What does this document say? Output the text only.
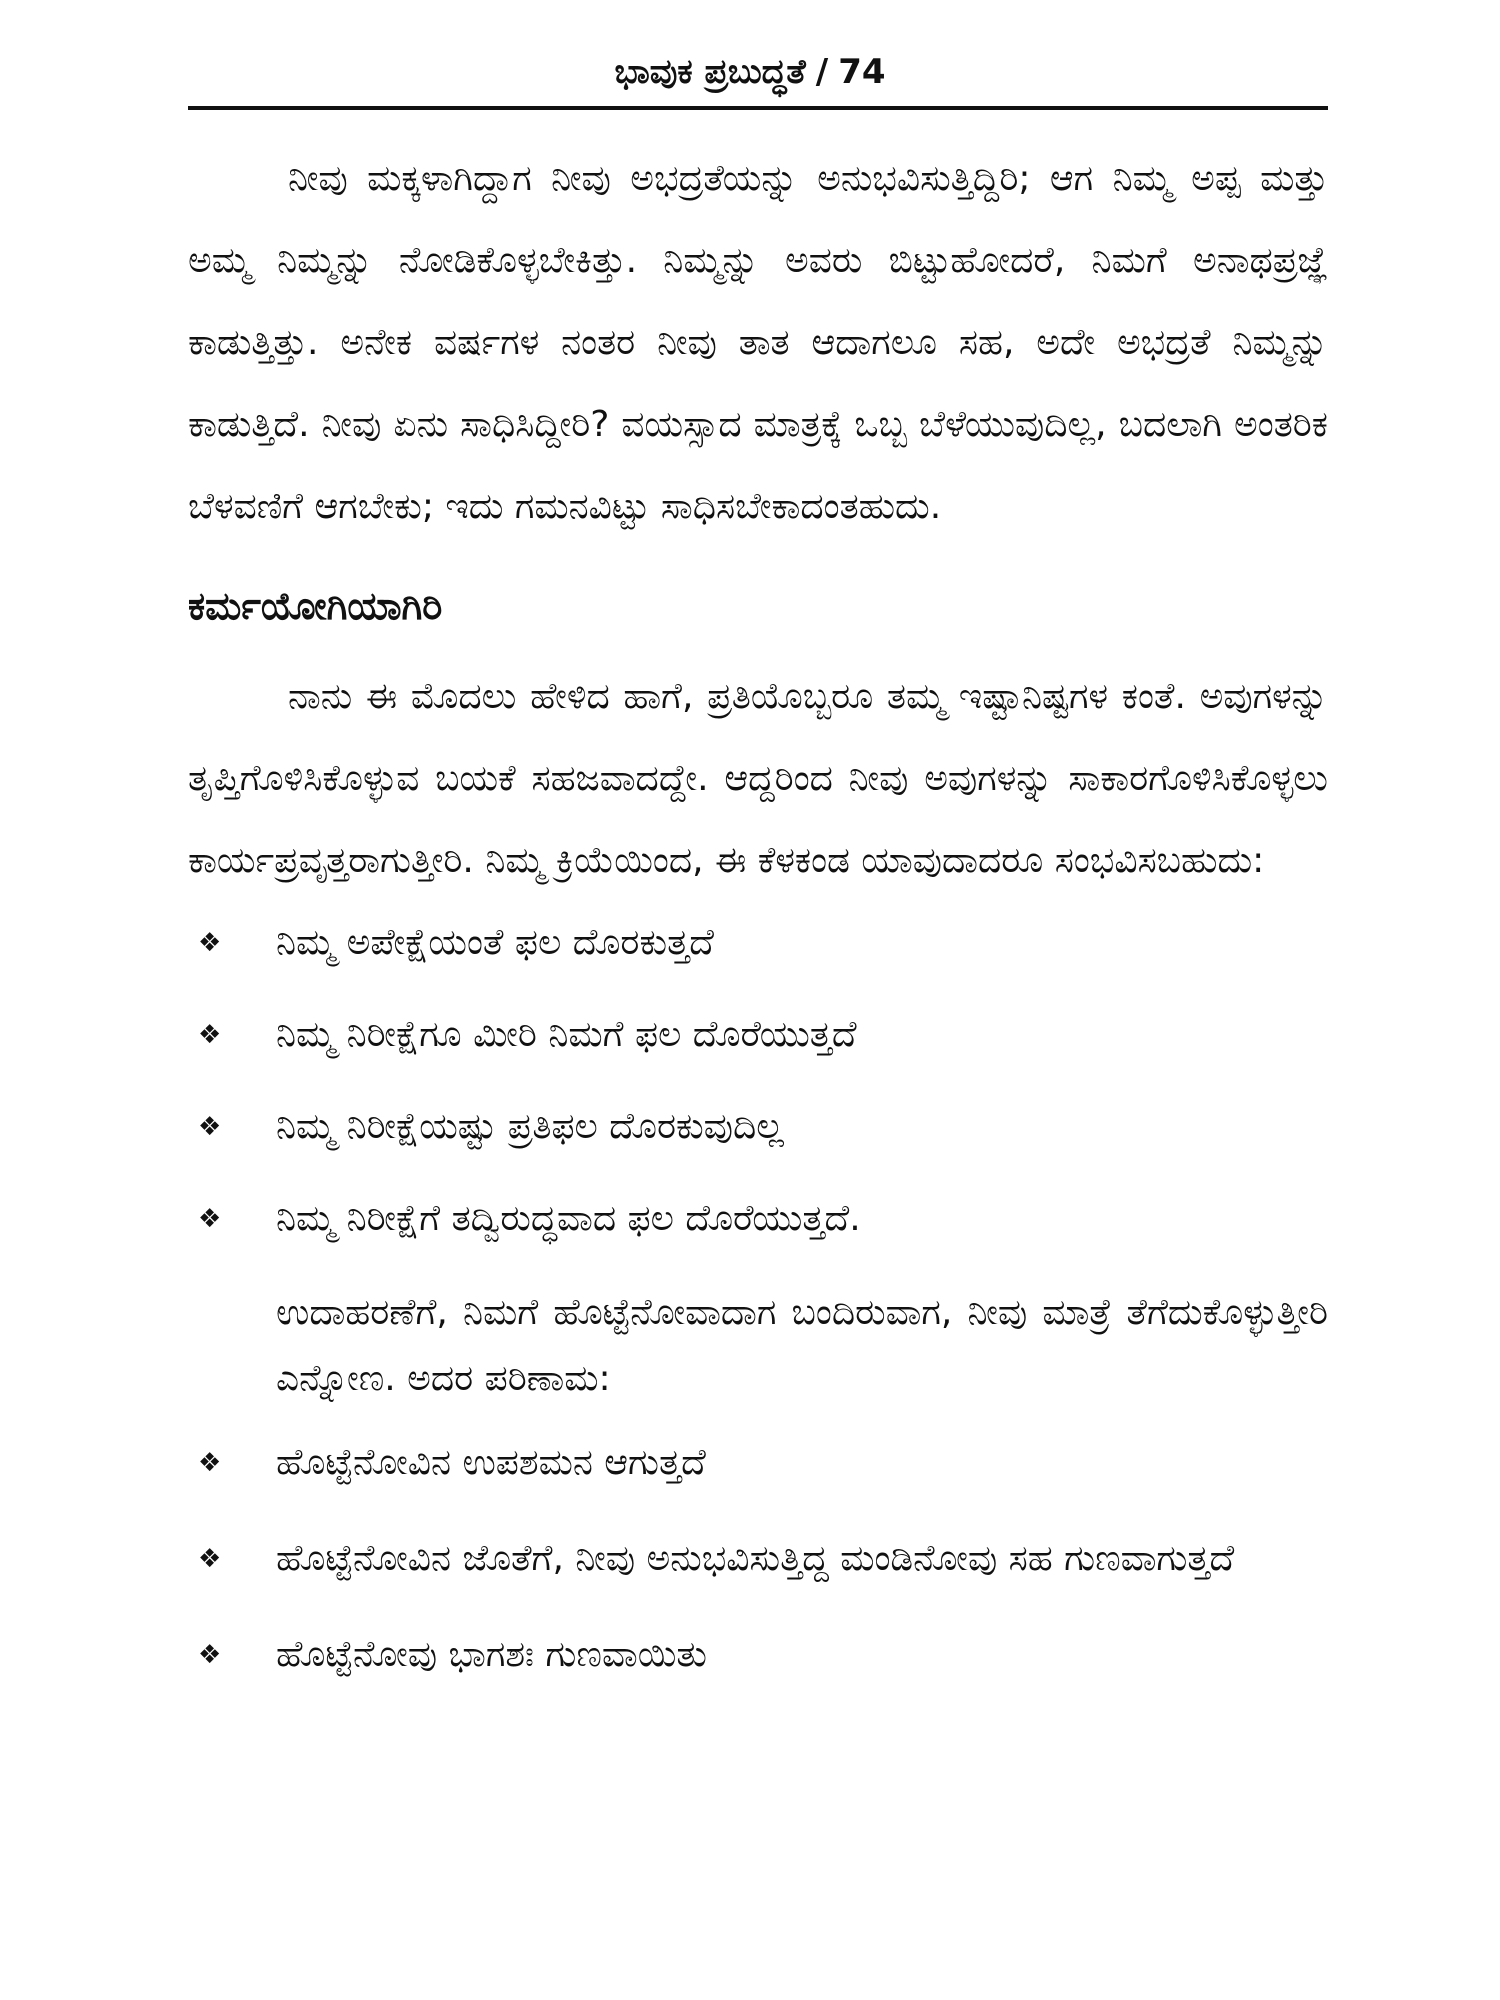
ಭಾವುಕ ಪ್ರಬುದ್ಧತೆ / 74

ನೀವು ಮಕ್ಕಳಾಗಿದ್ದಾಗ ನೀವು ಅಭದ್ರತೆಯನ್ನು ಅನುಭವಿಸುತ್ತಿದ್ದಿರಿ; ಆಗ ನಿಮ್ಮ ಅಪ್ಪ ಮತ್ತು ಅಮ್ಮ ನಿಮ್ಮನ್ನು ನೋಡಿಕೊಳ್ಳಬೇಕಿತ್ತು. ನಿಮ್ಮನ್ನು ಅವರು ಬಿಟ್ಟುಹೋದರೆ, ನಿಮಗೆ ಅನಾಥಪ್ರಜ್ಞೆ ಕಾಡುತ್ತಿತ್ತು. ಅನೇಕ ವರ್ಷಗಳ ನಂತರ ನೀವು ತಾತ ಆದಾಗಲೂ ಸಹ, ಅದೇ ಅಭದ್ರತೆ ನಿಮ್ಮನ್ನು ಕಾಡುತ್ತಿದೆ. ನೀವು ಏನು ಸಾಧಿಸಿದ್ದೀರಿ? ವಯಸ್ಸಾದ ಮಾತ್ರಕ್ಕೆ ಒಬ್ಬ ಬೆಳೆಯುವುದಿಲ್ಲ, ಬದಲಾಗಿ ಅಂತರಿಕ ಬೆಳವಣಿಗೆ ಆಗಬೇಕು; ಇದು ಗಮನವಿಟ್ಟು ಸಾಧಿಸಬೇಕಾದಂತಹುದು.

ಕರ್ಮಯೋಗಿಯಾಗಿರಿ

ನಾನು ಈ ಮೊದಲು ಹೇಳಿದ ಹಾಗೆ, ಪ್ರತಿಯೊಬ್ಬರೂ ತಮ್ಮ ಇಷ್ಟಾನಿಷ್ಟಗಳ ಕಂತೆ. ಅವುಗಳನ್ನು ತೃಪ್ತಿಗೊಳಿಸಿಕೊಳ್ಳುವ ಬಯಕೆ ಸಹಜವಾದದ್ದೇ. ಆದ್ದರಿಂದ ನೀವು ಅವುಗಳನ್ನು ಸಾಕಾರಗೊಳಿಸಿಕೊಳ್ಳಲು ಕಾರ್ಯಪ್ರವೃತ್ತರಾಗುತ್ತೀರಿ. ನಿಮ್ಮ ಕ್ರಿಯೆಯಿಂದ, ಈ ಕೆಳಕಂಡ ಯಾವುದಾದರೂ ಸಂಭವಿಸಬಹುದು:

❖ ನಿಮ್ಮ ಅಪೇಕ್ಷೆಯಂತೆ ಫಲ ದೊರಕುತ್ತದೆ
❖ ನಿಮ್ಮ ನಿರೀಕ್ಷೆಗೂ ಮೀರಿ ನಿಮಗೆ ಫಲ ದೊರೆಯುತ್ತದೆ
❖ ನಿಮ್ಮ ನಿರೀಕ್ಷೆಯಷ್ಟು ಪ್ರತಿಫಲ ದೊರಕುವುದಿಲ್ಲ
❖ ನಿಮ್ಮ ನಿರೀಕ್ಷೆಗೆ ತದ್ವಿರುದ್ಧವಾದ ಫಲ ದೊರೆಯುತ್ತದೆ.

ಉದಾಹರಣೆಗೆ, ನಿಮಗೆ ಹೊಟ್ಟೆನೋವಾದಾಗ ಬಂದಿರುವಾಗ, ನೀವು ಮಾತ್ರೆ ತೆಗೆದುಕೊಳ್ಳುತ್ತೀರಿ ಎನ್ನೋಣ. ಅದರ ಪರಿಣಾಮ:

❖ ಹೊಟ್ಟೆನೋವಿನ ಉಪಶಮನ ಆಗುತ್ತದೆ
❖ ಹೊಟ್ಟೆನೋವಿನ ಜೊತೆಗೆ, ನೀವು ಅನುಭವಿಸುತ್ತಿದ್ದ ಮಂಡಿನೋವು ಸಹ ಗುಣವಾಗುತ್ತದೆ
❖ ಹೊಟ್ಟೆನೋವು ಭಾಗಶಃ ಗುಣವಾಯಿತು
